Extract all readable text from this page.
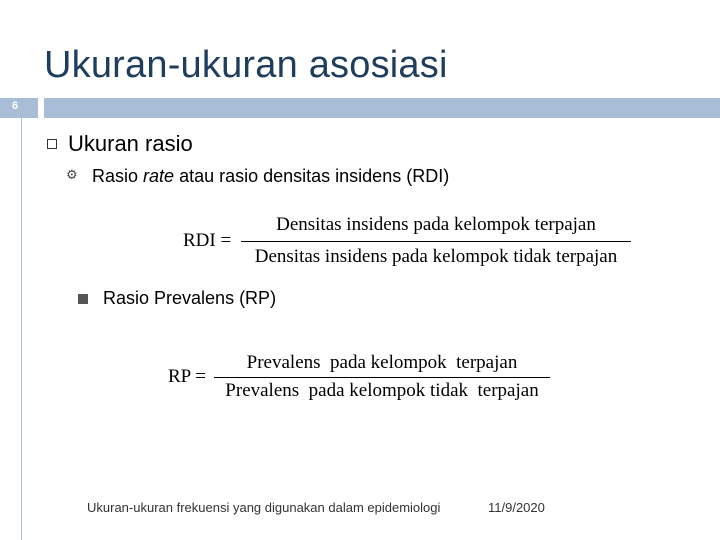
Ukuran-ukuran asosiasi
6
Ukuran rasio
⚙ Rasio rate atau rasio densitas insidens (RDI)
RDI =
Densitas insidens pada kelompok terpajan
Densitas insidens pada kelompok tidak terpajan
Rasio Prevalens (RP)
RP =
Prevalens  pada kelompok  terpajan
Prevalens  pada kelompok tidak  terpajan
Ukuran-ukuran frekuensi yang digunakan dalam epidemiologi	11/9/2020
